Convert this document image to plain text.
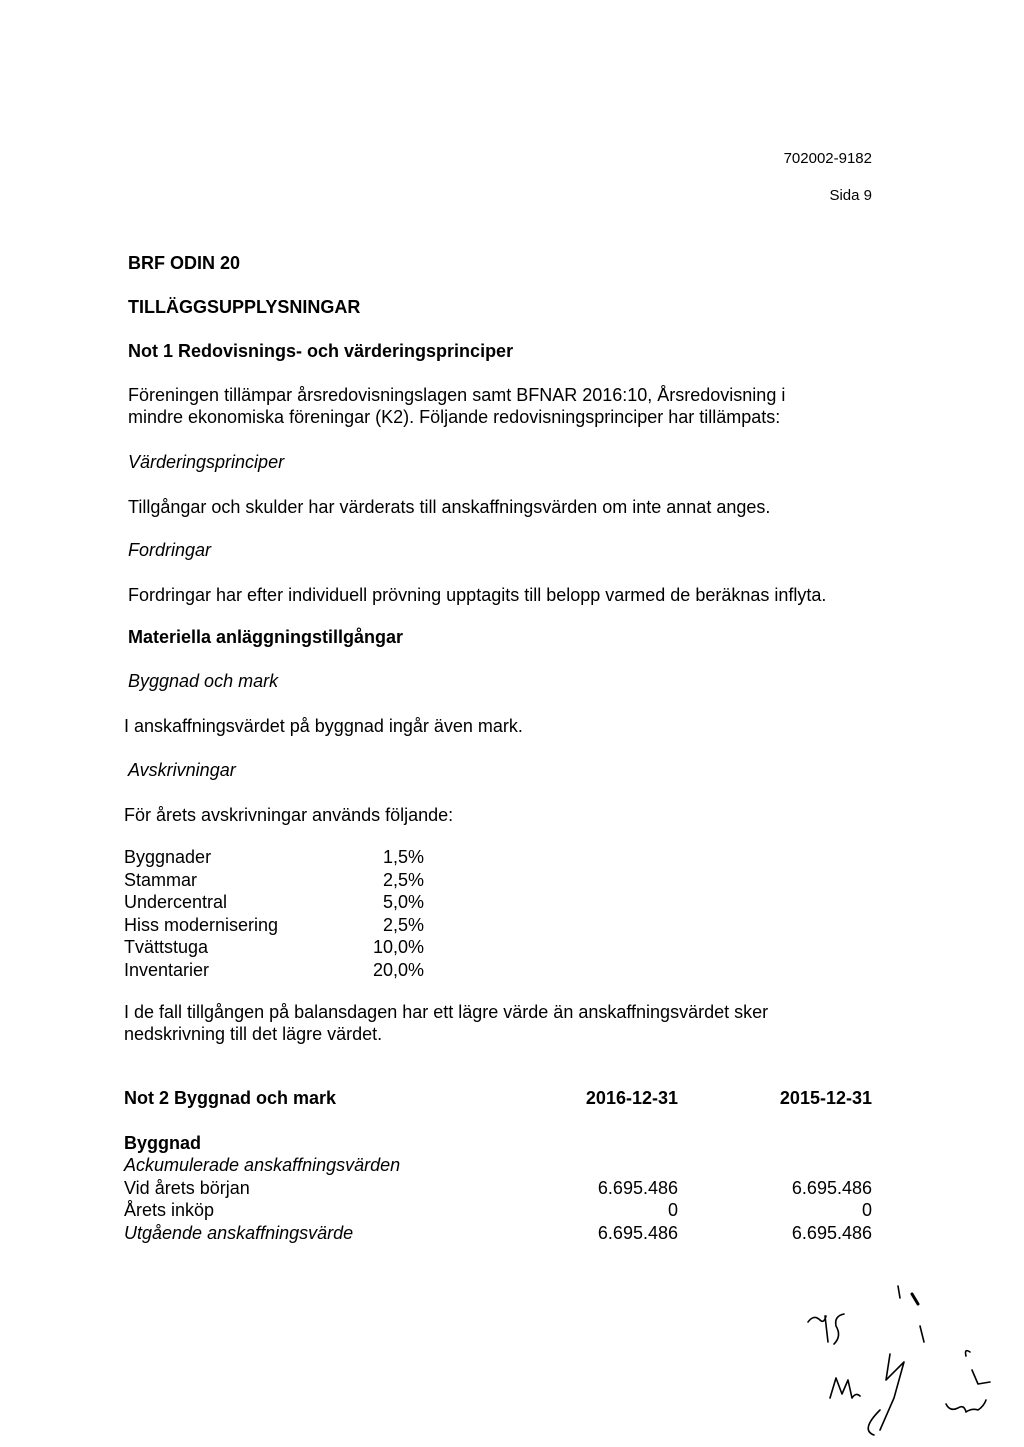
702002-9182
Sida 9
BRF ODIN 20
TILLÄGGSUPPLYSNINGAR
Not 1 Redovisnings- och värderingsprinciper
Föreningen tillämpar årsredovisningslagen samt BFNAR 2016:10, Årsredovisning i
mindre ekonomiska föreningar (K2). Följande redovisningsprinciper har tillämpats:
Värderingsprinciper
Tillgångar och skulder har värderats till anskaffningsvärden om inte annat anges.
Fordringar
Fordringar har efter individuell prövning upptagits till belopp varmed de beräknas inflyta.
Materiella anläggningstillgångar
Byggnad och mark
I anskaffningsvärdet på byggnad ingår även mark.
Avskrivningar
För årets avskrivningar används följande:
Byggnader	1,5%
Stammar	2,5%
Undercentral	5,0%
Hiss modernisering	2,5%
Tvättstuga	10,0%
Inventarier	20,0%
I de fall tillgången på balansdagen har ett lägre värde än anskaffningsvärdet sker
nedskrivning till det lägre värdet.
Not 2 Byggnad och mark	2016-12-31	2015-12-31
Byggnad
Ackumulerade anskaffningsvärden
Vid årets början	6.695.486	6.695.486
Årets inköp	0	0
Utgående anskaffningsvärde	6.695.486	6.695.486
